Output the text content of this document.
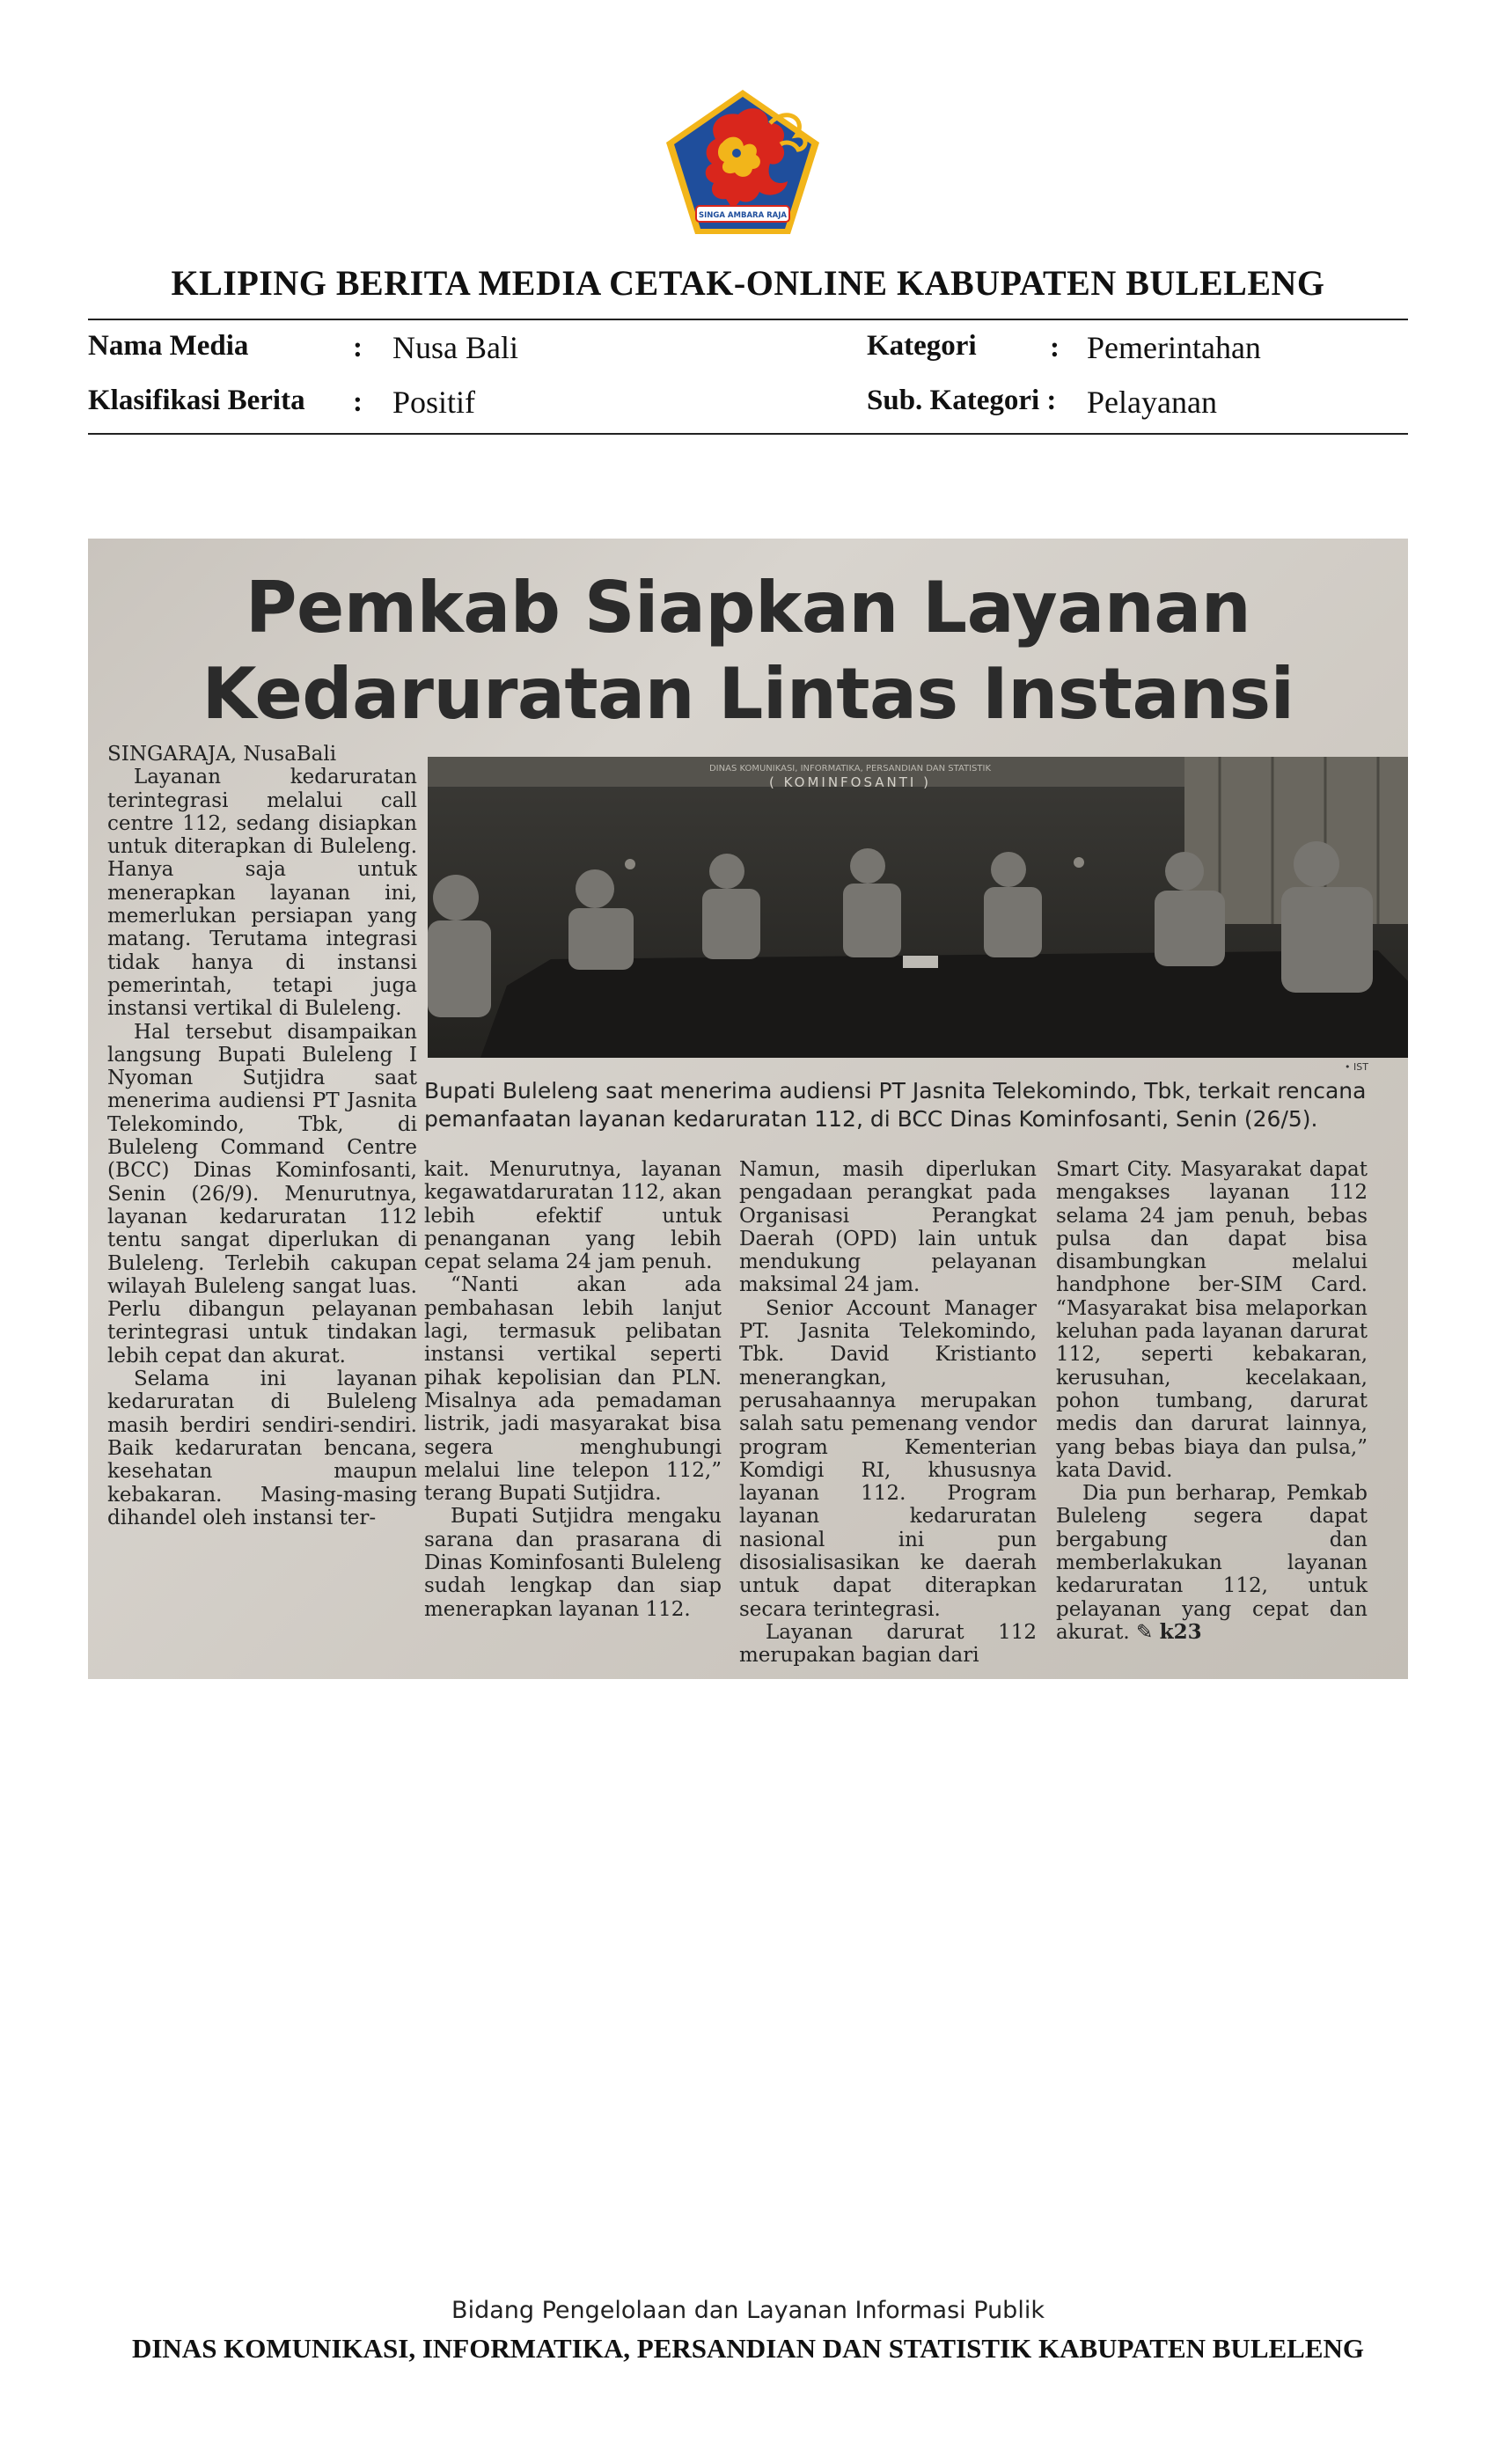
SINGA AMBARA RAJA
KLIPING BERITA MEDIA CETAK-ONLINE KABUPATEN BULELENG
Nama Media	: Nusa Bali	Kategori	: Pemerintahan
Klasifikasi Berita : Positif	Sub. Kategori : Pelayanan
Pemkab Siapkan Layanan
Kedaruratan Lintas Instansi
SINGARAJA, NusaBali

Layanan kedaruratan terintegrasi melalui call centre 112, sedang disiapkan untuk diterapkan di Buleleng. Hanya saja untuk menerapkan layanan ini, memerlukan persiapan yang matang. Terutama integrasi tidak hanya di instansi pemerintah, tetapi juga instansi vertikal di Buleleng.

Hal tersebut disampaikan langsung Bupati Buleleng I Nyoman Sutjidra saat menerima audiensi PT Jasnita Telekomindo, Tbk, di Buleleng Command Centre (BCC) Dinas Kominfosanti, Senin (26/9). Menurutnya, layanan kedaruratan 112 tentu sangat diperlukan di Buleleng. Terlebih cakupan wilayah Buleleng sangat luas. Perlu dibangun pelayanan terintegrasi untuk tindakan lebih cepat dan akurat.

Selama ini layanan kedaruratan di Buleleng masih berdiri sendiri-sendiri. Baik kedaruratan bencana, kesehatan maupun kebakaran. Masing-masing dihandel oleh instansi ter-

DINAS KOMUNIKASI, INFORMATIKA, PERSANDIAN DAN STATISTIK
( KOMINFOSANTI )
• IST
Bupati Buleleng saat menerima audiensi PT Jasnita Telekomindo, Tbk, terkait rencana pemanfaatan layanan kedaruratan 112, di BCC Dinas Kominfosanti, Senin (26/5).

kait. Menurutnya, layanan kegawatdaruratan 112, akan lebih efektif untuk penanganan yang lebih cepat selama 24 jam penuh.

“Nanti akan ada pembahasan lebih lanjut lagi, termasuk pelibatan instansi vertikal seperti pihak kepolisian dan PLN. Misalnya ada pemadaman listrik, jadi masyarakat bisa segera menghubungi melalui line telepon 112,” terang Bupati Sutjidra.

Bupati Sutjidra mengaku sarana dan prasarana di Dinas Kominfosanti Buleleng sudah lengkap dan siap menerapkan layanan 112.

Namun, masih diperlukan pengadaan perangkat pada Organisasi Perangkat Daerah (OPD) lain untuk mendukung pelayanan maksimal 24 jam.

Senior Account Manager PT. Jasnita Telekomindo, Tbk. David Kristianto menerangkan, perusahaannya merupakan salah satu pemenang vendor program Kementerian Komdigi RI, khususnya layanan 112. Program layanan kedaruratan nasional ini pun disosialisasikan ke daerah untuk dapat diterapkan secara terintegrasi.

Layanan darurat 112 merupakan bagian dari

Smart City. Masyarakat dapat mengakses layanan 112 selama 24 jam penuh, bebas pulsa dan dapat bisa disambungkan melalui handphone ber-SIM Card. “Masyarakat bisa melaporkan keluhan pada layanan darurat 112, seperti kebakaran, kerusuhan, kecelakaan, pohon tumbang, darurat medis dan darurat lainnya, yang bebas biaya dan pulsa,” kata David.

Dia pun berharap, Pemkab Buleleng segera dapat bergabung dan memberlakukan layanan kedaruratan 112, untuk pelayanan yang cepat dan akurat. ✎ k23

Bidang Pengelolaan dan Layanan Informasi Publik
DINAS KOMUNIKASI, INFORMATIKA, PERSANDIAN DAN STATISTIK KABUPATEN BULELENG
